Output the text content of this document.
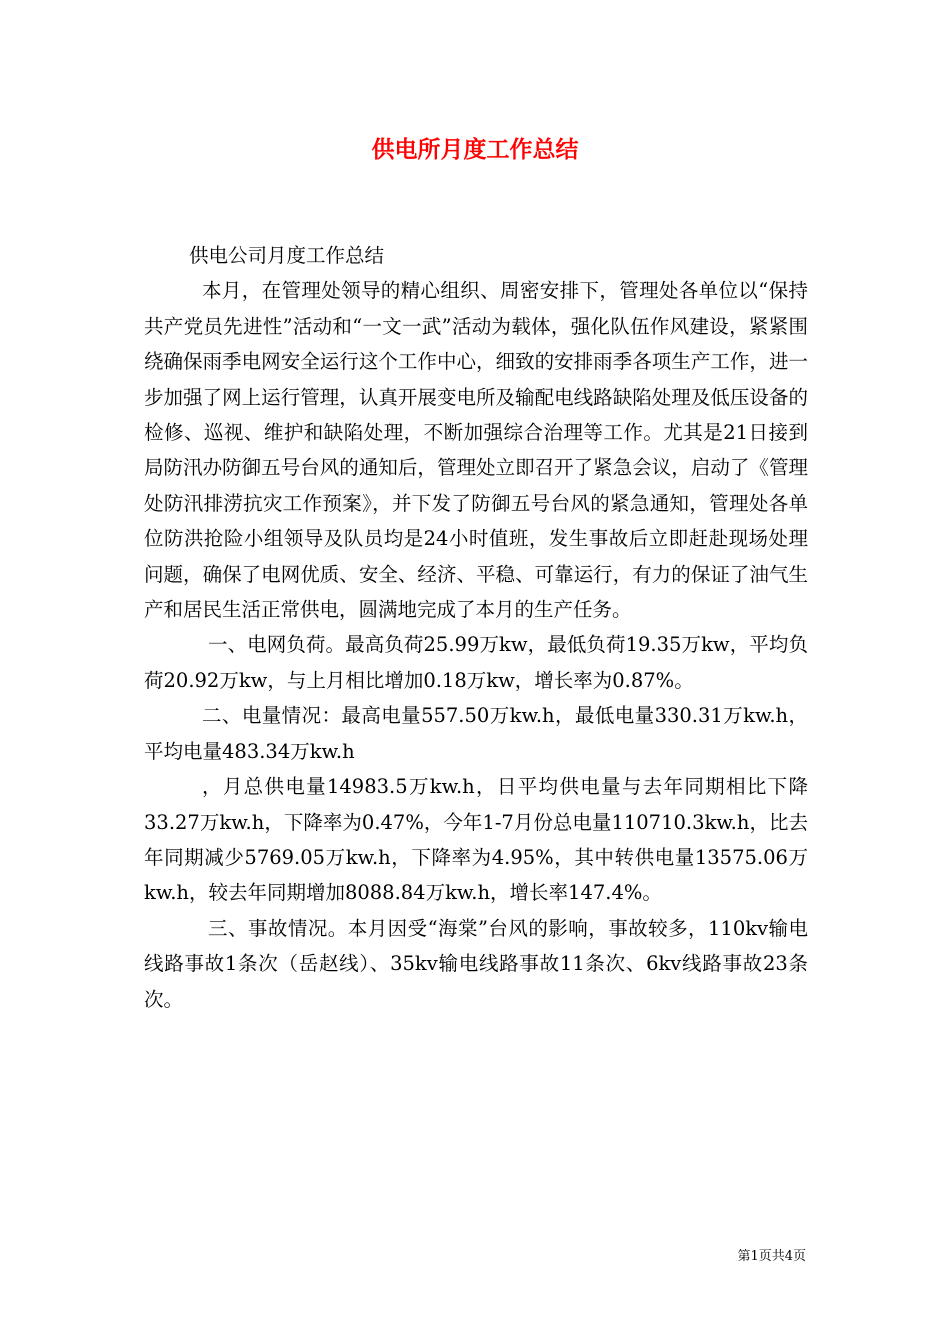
供电所月度工作总结

供电公司月度工作总结

本月，在管理处领导的精心组织、周密安排下，管理处各单位以“保持共产党员先进性”活动和“一文一武”活动为载体，强化队伍作风建设，紧紧围绕确保雨季电网安全运行这个工作中心，细致的安排雨季各项生产工作，进一步加强了网上运行管理，认真开展变电所及输配电线路缺陷处理及低压设备的检修、巡视、维护和缺陷处理，不断加强综合治理等工作。尤其是21日接到局防汛办防御五号台风的通知后，管理处立即召开了紧急会议，启动了《管理处防汛排涝抗灾工作预案》，并下发了防御五号台风的紧急通知，管理处各单位防洪抢险小组领导及队员均是24小时值班，发生事故后立即赶赴现场处理问题，确保了电网优质、安全、经济、平稳、可靠运行，有力的保证了油气生产和居民生活正常供电，圆满地完成了本月的生产任务。

一、电网负荷。最高负荷25.99万kw，最低负荷19.35万kw，平均负荷20.92万kw，与上月相比增加0.18万kw，增长率为0.87%。

二、电量情况：最高电量557.50万kw.h，最低电量330.31万kw.h，平均电量483.34万kw.h

，月总供电量14983.5万kw.h，日平均供电量与去年同期相比下降33.27万kw.h，下降率为0.47%，今年1-7月份总电量110710.3kw.h，比去年同期减少5769.05万kw.h，下降率为4.95%，其中转供电量13575.06万kw.h，较去年同期增加8088.84万kw.h，增长率147.4%。

三、事故情况。本月因受“海棠”台风的影响，事故较多，110kv输电线路事故1条次（岳赵线）、35kv输电线路事故11条次、6kv线路事故23条次。

第1页共4页
